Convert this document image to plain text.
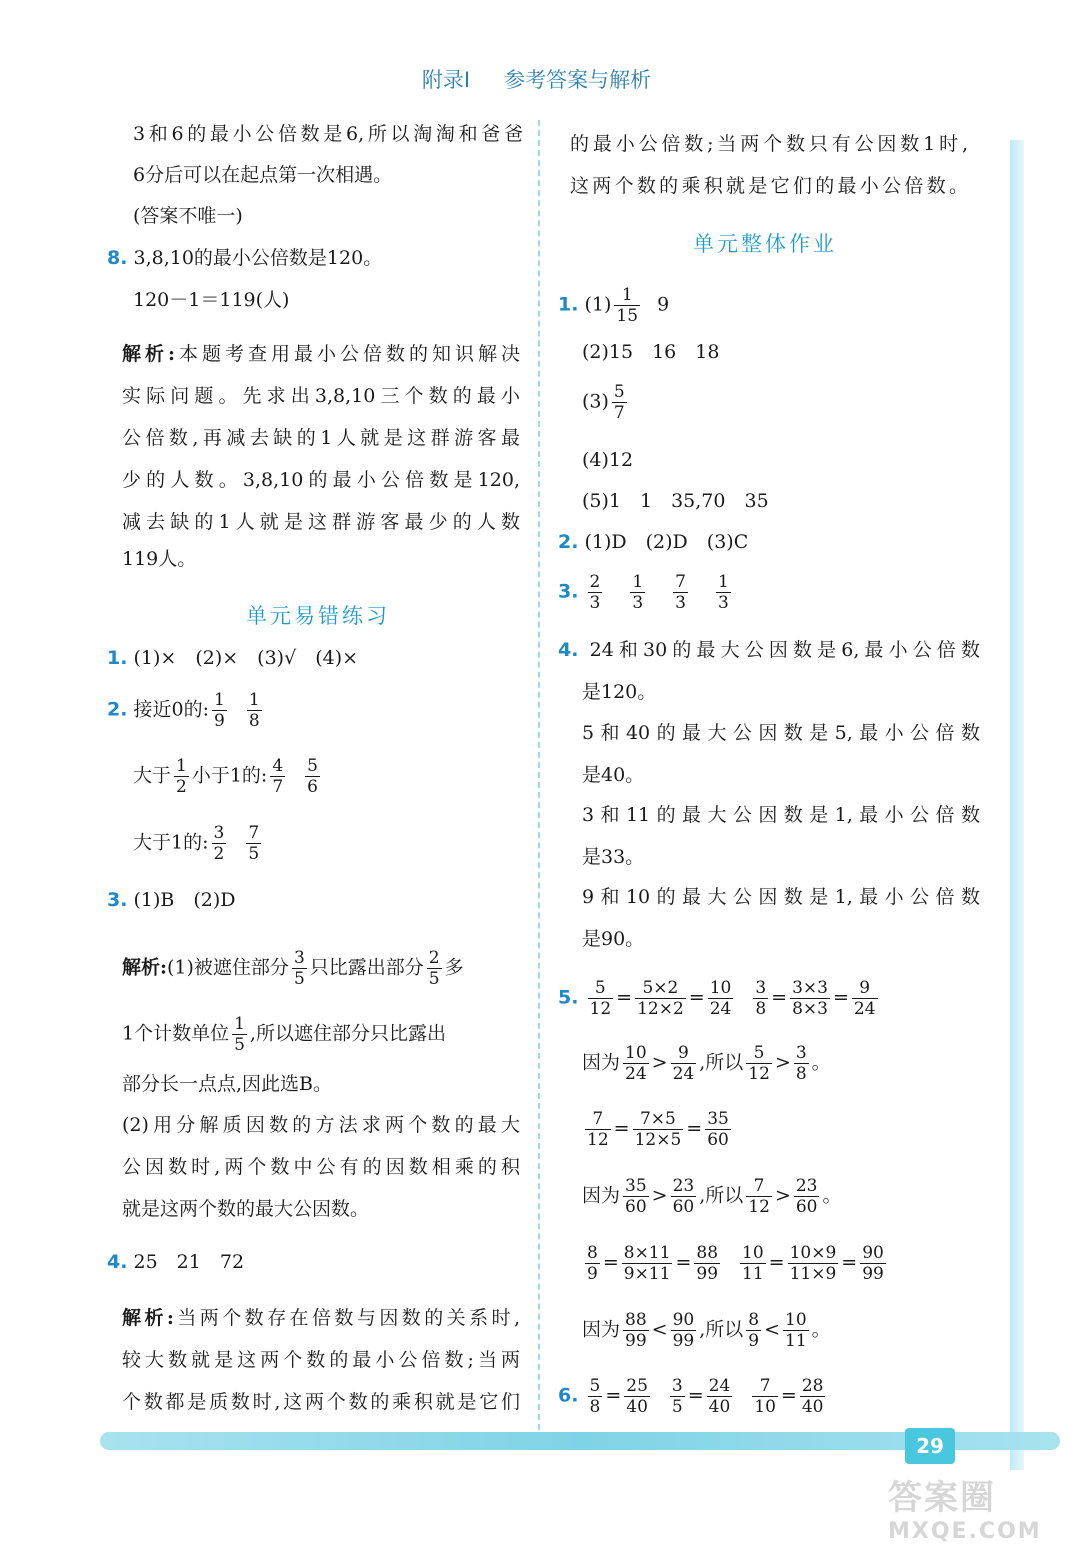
附录Ⅰ 参考答案与解析
29
答案圈
MXQE.COM
3和6的最小公倍数是6,所以淘淘和爸爸
6分后可以在起点第一次相遇。
(答案不唯一)
8. 3,8,10的最小公倍数是120。
120－1＝119(人)
解析:本题考查用最小公倍数的知识解决
实际问题。先求出3,8,10三个数的最小
公倍数,再减去缺的1人就是这群游客最
少的人数。3,8,10的最小公倍数是120,
减去缺的1人就是这群游客最少的人数
119人。
单元易错练习
1. (1)×　(2)×　(3)√　(4)×
2. 接近0的: $\frac{1}{9} \frac{1}{8}$
大于 $\frac{1}{2}$ 小于1的: $\frac{4}{7} \frac{5}{6}$
大于1的: $\frac{3}{2} \frac{7}{5}$
3. (1)B　(2)D
解析:(1)被遮住部分 $\frac{3}{5}$ 只比露出部分 $\frac{2}{5}$ 多
1个计数单位 $\frac{1}{5}$ ,所以遮住部分只比露出
部分长一点点,因此选B。
(2)用分解质因数的方法求两个数的最大
公因数时,两个数中公有的因数相乘的积
就是这两个数的最大公因数。
4. 25　21　72
解析:当两个数存在倍数与因数的关系时,
较大数就是这两个数的最小公倍数;当两
个数都是质数时,这两个数的乘积就是它们
的最小公倍数;当两个数只有公因数1时,
这两个数的乘积就是它们的最小公倍数。
单元整体作业
1. $(1) \frac{1}{15} 9$
(2)15　16　18
$(3) \frac{5}{7}$
(4)12
(5)1　1　35,70　35
2. (1)D　(2)D　(3)C
3. $\frac{2}{3} \frac{1}{3} \frac{7}{3} \frac{1}{3}$
4. 24和30的最大公因数是6,最小公倍数
是120。
5和40的最大公因数是5,最小公倍数
是40。
3和11的最大公因数是1,最小公倍数
是33。
9和10的最大公因数是1,最小公倍数
是90。
5. $\frac{5}{12} = \frac{5\times 2}{12\times 2} = \frac{10}{24} \frac{3}{8} = \frac{3\times 3}{8\times 3} = \frac{9}{24}$
因为 $\frac{10}{24} > \frac{9}{24}$ ,所以 $\frac{5}{12} > \frac{3}{8}$ 。
$\frac{7}{12} = \frac{7\times 5}{12\times 5} = \frac{35}{60}$
因为 $\frac{35}{60} > \frac{23}{60}$ ,所以 $\frac{7}{12} > \frac{23}{60}$ 。
$\frac{8}{9} = \frac{8\times 11}{9\times 11} = \frac{88}{99} \frac{10}{11} = \frac{10\times 9}{11\times 9} = \frac{90}{99}$
因为 $\frac{88}{99} < \frac{90}{99}$ ,所以 $\frac{8}{9} < \frac{10}{11}$ 。
6. $\frac{5}{8} = \frac{25}{40} \frac{3}{5} = \frac{24}{40} \frac{7}{10} = \frac{28}{40}$
